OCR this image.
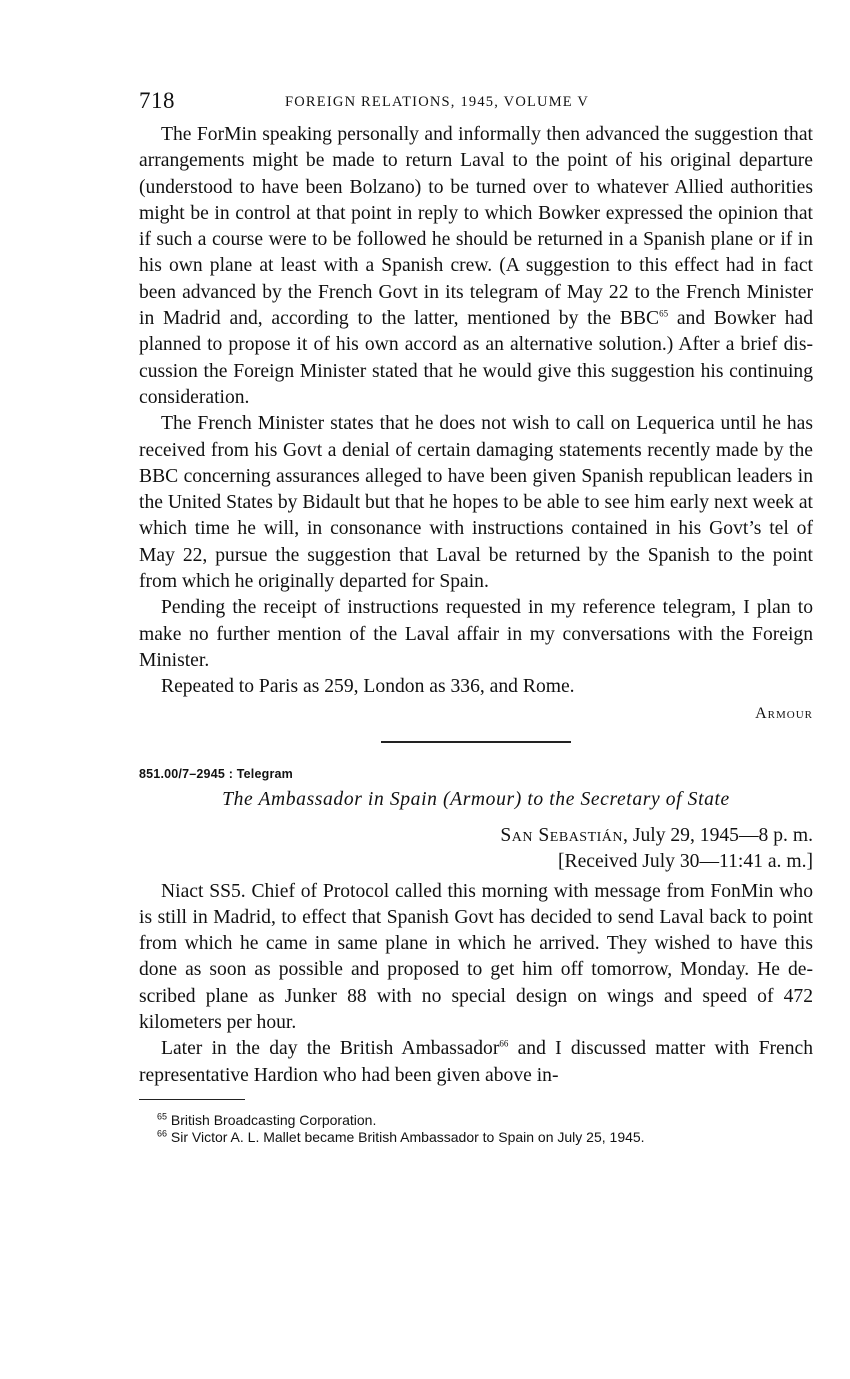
718	FOREIGN RELATIONS, 1945, VOLUME V

The ForMin speaking personally and informally then advanced the suggestion that arrangements might be made to return Laval to the point of his original departure (understood to have been Bolzano) to be turned over to whatever Allied authorities might be in control at that point in reply to which Bowker expressed the opinion that if such a course were to be followed he should be returned in a Spanish plane or if in his own plane at least with a Spanish crew. (A suggestion to this effect had in fact been advanced by the French Govt in its telegram of May 22 to the French Minister in Madrid and, according to the latter, mentioned by the BBC$^{65}$ and Bowker had planned to propose it of his own accord as an alternative solution.) After a brief discussion the Foreign Minister stated that he would give this suggestion his continuing consideration.

The French Minister states that he does not wish to call on Lequerica until he has received from his Govt a denial of certain damaging statements recently made by the BBC concerning assurances alleged to have been given Spanish republican leaders in the United States by Bidault but that he hopes to be able to see him early next week at which time he will, in consonance with instructions contained in his Govt’s tel of May 22, pursue the suggestion that Laval be returned by the Spanish to the point from which he originally departed for Spain.

Pending the receipt of instructions requested in my reference telegram, I plan to make no further mention of the Laval affair in my conversations with the Foreign Minister.

Repeated to Paris as 259, London as 336, and Rome.

Armour
851.00/7–2945 : Telegram
The Ambassador in Spain (Armour) to the Secretary of State
San Sebastián, July 29, 1945—8 p. m.
[Received July 30—11:41 a. m.]

Niact SS5. Chief of Protocol called this morning with message from FonMin who is still in Madrid, to effect that Spanish Govt has decided to send Laval back to point from which he came in same plane in which he arrived. They wished to have this done as soon as possible and proposed to get him off tomorrow, Monday. He described plane as Junker 88 with no special design on wings and speed of 472 kilometers per hour.

Later in the day the British Ambassador$^{66}$ and I discussed matter with French representative Hardion who had been given above in-

$^{65}$ British Broadcasting Corporation.

$^{66}$ Sir Victor A. L. Mallet became British Ambassador to Spain on July 25, 1945.
